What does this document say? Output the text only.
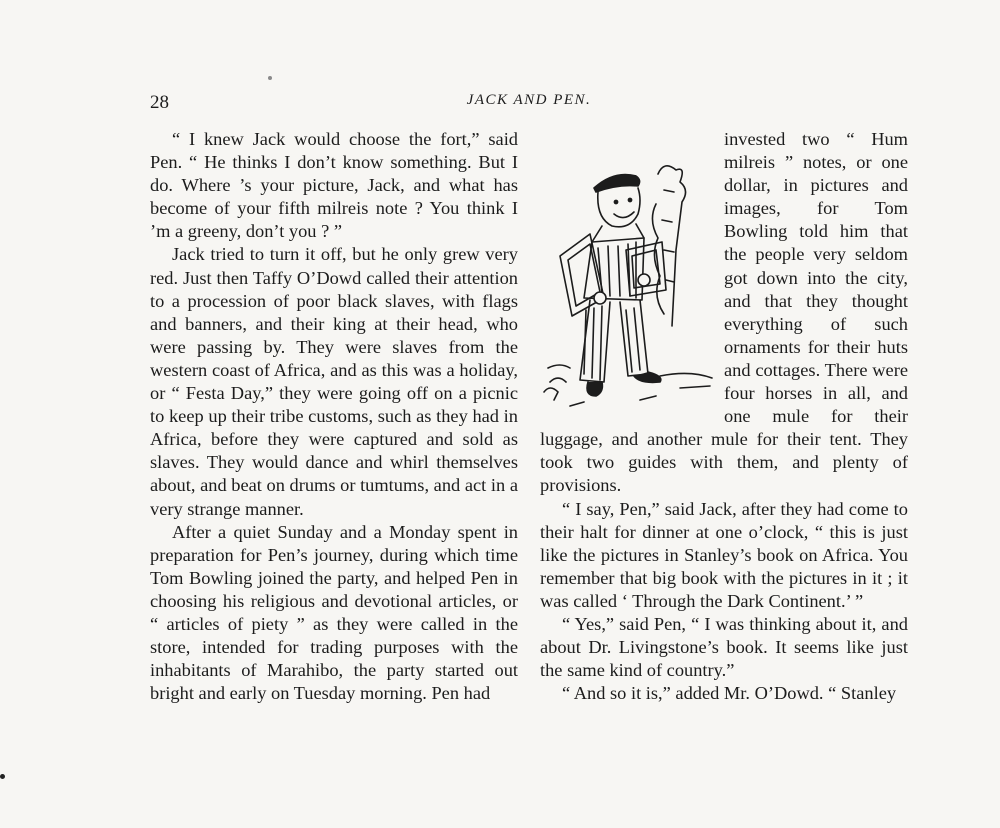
28	JACK AND PEN.

“ I knew Jack would choose the fort,” said Pen. “ He thinks I don’t know something. But I do. Where ’s your picture, Jack, and what has become of your fifth milreis note ? You think I ’m a greeny, don’t you ? ”

Jack tried to turn it off, but he only grew very red. Just then Taffy O’Dowd called their attention to a procession of poor black slaves, with flags and banners, and their king at their head, who were passing by. They were slaves from the western coast of Africa, and as this was a holiday, or “ Festa Day,” they were going off on a picnic to keep up their tribe customs, such as they had in Africa, before they were captured and sold as slaves. They would dance and whirl themselves about, and beat on drums or tumtums, and act in a very strange manner.

After a quiet Sunday and a Monday spent in preparation for Pen’s journey, during which time Tom Bowling joined the party, and helped Pen in choosing his religious and devotional articles, or “ articles of piety ” as they were called in the store, intended for trading purposes with the inhabitants of Marahibo, the party started out bright and early on Tuesday morning. Pen had

invested two “ Hum milreis ” notes, or one dollar, in pictures and images, for Tom Bowling told him that the people very seldom got down into the city, and that they thought everything of such ornaments for their huts and cottages. There were four horses in all, and one mule for their luggage, and another mule for their tent. They took two guides with them, and plenty of provisions.

“ I say, Pen,” said Jack, after they had come to their halt for dinner at one o’clock, “ this is just like the pictures in Stanley’s book on Africa. You remember that big book with the pictures in it ; it was called ‘ Through the Dark Continent.’ ”

“ Yes,” said Pen, “ I was thinking about it, and about Dr. Livingstone’s book. It seems like just the same kind of country.”

“ And so it is,” added Mr. O’Dowd. “ Stanley
